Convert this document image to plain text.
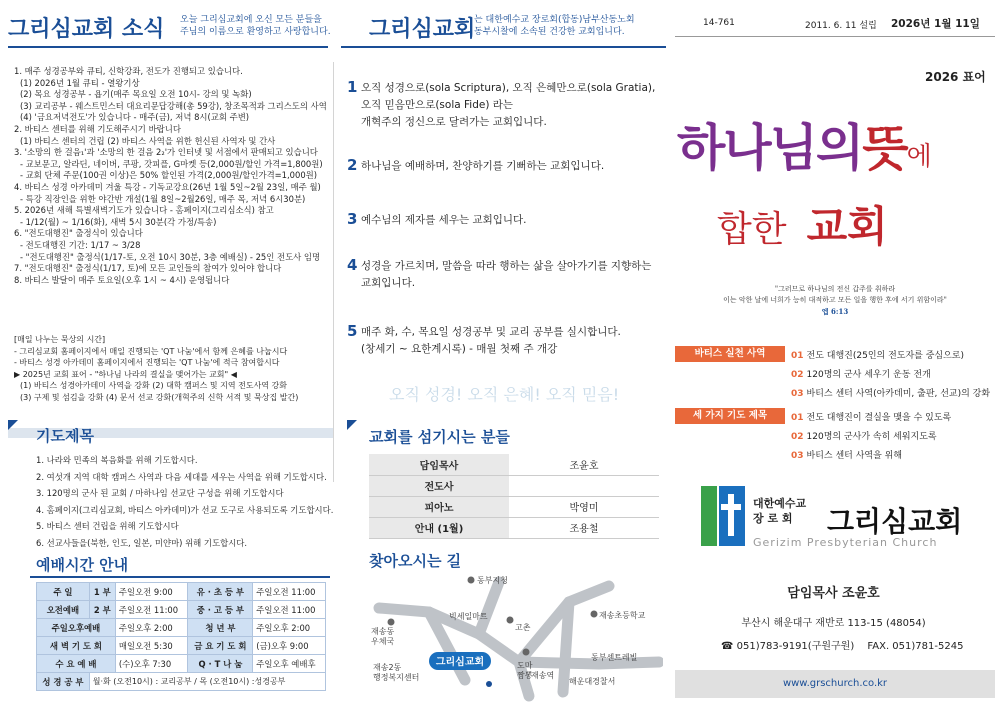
그리심교회 소식 오늘 그리심교회에 오신 모든 분들을
주님의 이름으로 환영하고 사랑합니다.
1. 매주 성경공부와 큐티, 신학강좌, 전도가 진행되고 있습니다.
(1) 2026년 1월 큐티 - 열왕기상
(2) 목요 성경공부 - 욥기(매주 목요일 오전 10시- 강의 및 녹화)
(3) 교리공부 - 웨스트민스터 대요리문답강해(총 59강), 창조목적과 그리스도의 사역
(4) '금요저녁전도'가 있습니다 - 매주(금), 저녁 8시(교회 주변)
2. 바티스 센터를 위해 기도해주시기 바랍니다
(1) 바티스 센터의 건립 (2) 바티스 사역을 위한 헌신된 사역자 및 간사
3. '소망의 한 걸음₁'과 '소망의 한 걸음 2₂'가 인터넷 및 서점에서 판매되고 있습니다
- 교보문고, 알라딘, 네이버, 쿠팡, 갓피플, G마켓 등(2,000원/할인 가격=1,800원)
- 교회 단체 주문(100권 이상)은 50% 할인된 가격(2,000원/할인가격=1,000원)
4. 바티스 성경 아카데미 겨울 특강 - 기독교강요(26년 1월 5일~2월 23일, 매주 월)
- 특강 직장인을 위한 야간반 개설(1월 8일~2월26일, 매주 목, 저녁 6시30분)
5. 2026년 새해 특별새벽기도가 있습니다 - 홈페이지(그리심소식) 참고
- 1/12(월) ~ 1/16(화), 새벽 5시 30분(각 가정/특송)
6. "전도대행진" 출정식이 있습니다
- 전도대행진 기간: 1/17 ~ 3/28
- "전도대행진" 출정식(1/17-토, 오전 10시 30분, 3층 예배실) - 25인 전도사 임명
7. "전도대행진" 출정식(1/17, 토)에 모든 교인들의 참여가 있어야 합니다
8. 바티스 발달이 매주 토요일(오후 1시 ~ 4시) 운영됩니다
[매일 나누는 묵상의 시간]
- 그리심교회 홈페이지에서 매일 진행되는 'QT 나눔'에서 함께 은혜를 나눕시다
- 바티스 성경 아카데미 홈페이지에서 진행되는 'QT 나눔'에 적극 참여합시다
▶ 2025년 교회 표어 - "하나님 나라의 결실을 맺어가는 교회" ◀
(1) 바티스 성경아카데미 사역을 강화 (2) 대학 캠퍼스 및 지역 전도사역 강화
(3) 구제 및 섬김을 강화 (4) 문서 선교 강화(개혁주의 신학 서적 및 묵상집 발간)
기도제목
1. 나라와 민족의 복음화를 위해 기도합시다.
2. 여섯개 지역 대학 캠퍼스 사역과 다음 세대를 세우는 사역을 위해 기도합시다.
3. 120명의 군사 된 교회 / 마하나임 선교단 구성을 위해 기도합시다
4. 홈페이지(그리심교회, 바티스 아카데미)가 선교 도구로 사용되도록 기도합시다.
5. 바티스 센터 건립을 위해 기도합시다
6. 선교사들을(북한, 인도, 일본, 미얀마) 위해 기도합시다.
예배시간 안내
주 일	1 부	주일오전 9:00	유 · 초 등 부	주일오전 11:00
오전예배	2 부	주일오전 11:00	중 · 고 등 부	주일오전 11:00
주일오후예배		주일오후 2:00	청 년 부	주일오후 2:00
새 벽 기 도 회		매일오전 5:30	금 요 기 도 회	(금)오후 9:00
수 요 예 배		(수)오후 7:30	Q · T 나 눔	주일오후 예배후
성 경 공 부	월·화 (오전10시) : 교리공부 / 목 (오전10시) :성경공부			
그리심교회
는 대한예수교 장로회(합동)남부산동노회
동부시찰에 소속된 건강한 교회입니다.
1 오직 성경으로(sola Scriptura), 오직 은혜만으로(sola Gratia),
오직 믿음만으로(sola Fide) 라는
개혁주의 정신으로 달려가는 교회입니다.
2 하나님을 예배하며, 찬양하기를 기뻐하는 교회입니다.
3 예수님의 제자를 세우는 교회입니다.
4 성경을 가르치며, 말씀을 따라 행하는 삶을 살아가기를 지향하는
교회입니다.
5 매주 화, 수, 목요일 성경공부 및 교리 공부를 실시합니다.
(창세기 ~ 요한계시록) - 매월 첫째 주 개강
오직 성경! 오직 은혜! 오직 믿음!
교회를 섬기시는 분들
담임목사	조윤호
전도사	
피아노	박영미
안내 (1월)	조용철
찾아오시는 길
그리심교회
동부지청
빅세일마트	재송초등학교
재송동
우체국
고촌
도마
짬뽕
동부센트레빌
재송2동
행정복지센터	재송역
해운대경찰서
14-761	2011. 6. 11 설립 2026년 1월 11일
2026 표어
하나님의뜻에
합한 교회
"그러므로 하나님의 전신 갑주를 취하라
이는 악한 날에 너희가 능히 대적하고 모든 일을 행한 후에 서기 위함이라"
엡 6:13
바티스 실천 사역	01 전도 대행진(25인의 전도자를 중심으로)
02 120명의 군사 세우기 운동 전개
03 바티스 센터 사역(아카데미, 출판, 선교)의 강화
세 가지 기도 제목	01 전도 대행진이 결실을 맺을 수 있도록
02 120명의 군사가 속히 세워지도록
03 바티스 센터 사역을 위해
대한예수교
장 로 회	그리심교회
Gerizim Presbyterian Church
담임목사 조윤호
부산시 해운대구 재반로 113-15 (48054)
☎ 051)783-9191(구원구원) FAX. 051)781-5245
www.grschurch.co.kr
